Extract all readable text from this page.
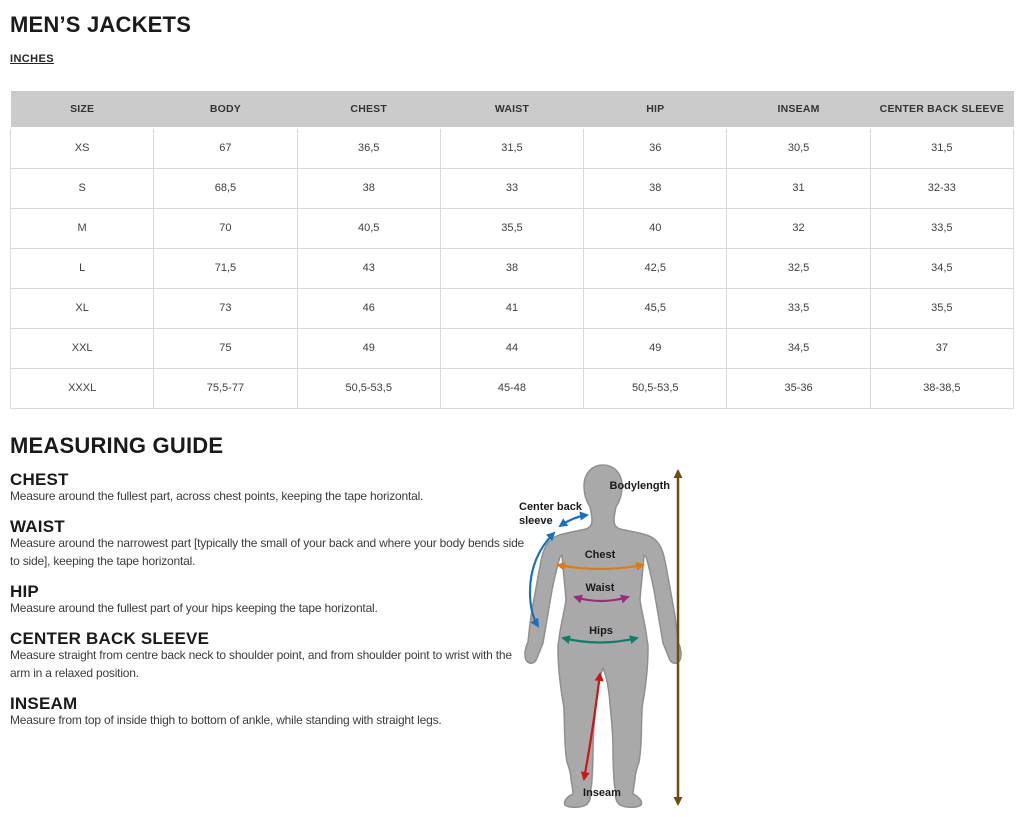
MEN’S JACKETS
INCHES
SIZE	BODY	CHEST	WAIST	HIP	INSEAM	CENTER BACK SLEEVE
XS	67	36,5	31,5	36	30,5	31,5
S	68,5	38	33	38	31	32-33
M	70	40,5	35,5	40	32	33,5
L	71,5	43	38	42,5	32,5	34,5
XL	73	46	41	45,5	33,5	35,5
XXL	75	49	44	49	34,5	37
XXXL	75,5-77	50,5-53,5	45-48	50,5-53,5	35-36	38-38,5
MEASURING GUIDE
CHEST
Measure around the fullest part, across chest points, keeping the tape horizontal.
WAIST
Measure around the narrowest part [typically the small of your back and where your body bends side
to side], keeping the tape horizontal.
HIP
Measure around the fullest part of your hips keeping the tape horizontal.
CENTER BACK SLEEVE
Measure straight from centre back neck to shoulder point, and from shoulder point to wrist with the
arm in a relaxed position.
INSEAM
Measure from top of inside thigh to bottom of ankle, while standing with straight legs.
Bodylength
Center back
sleeve
Chest
Waist
Hips
Inseam
